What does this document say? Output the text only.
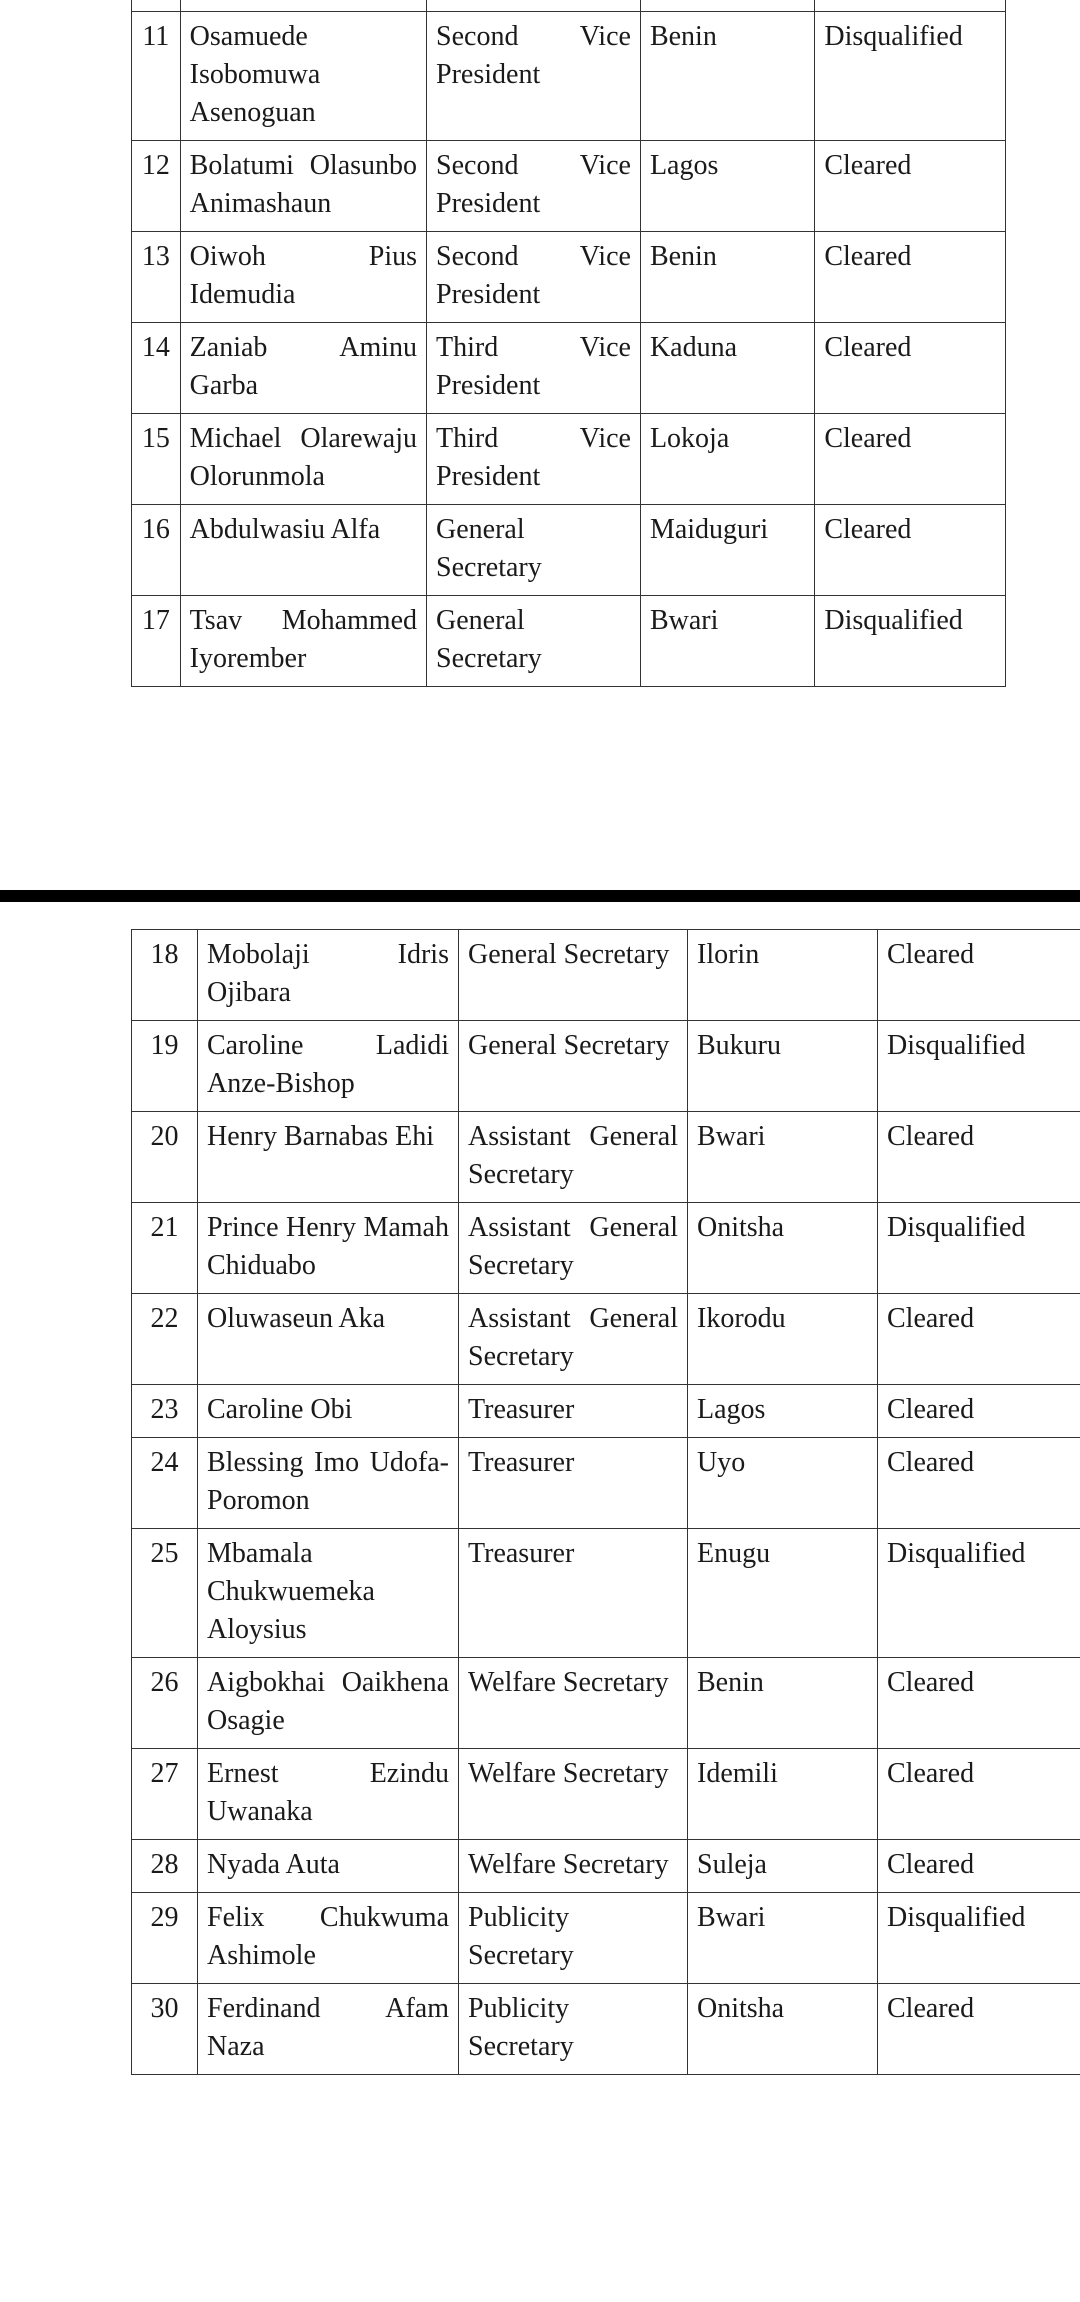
11	Osamuede Isobomuwa Asenoguan	Second Vice President	Benin	Disqualified
12	Bolatumi Olasunbo Animashaun	Second Vice President	Lagos	Cleared
13	Oiwoh Pius Idemudia	Second Vice President	Benin	Cleared
14	Zaniab Aminu Garba	Third Vice President	Kaduna	Cleared
15	Michael Olarewaju Olorunmola	Third Vice President	Lokoja	Cleared
16	Abdulwasiu Alfa	General Secretary	Maiduguri	Cleared
17	Tsav Mohammed Iyorember	General Secretary	Bwari	Disqualified
18	Mobolaji Idris Ojibara	General Secretary	Ilorin	Cleared
19	Caroline Ladidi Anze-Bishop	General Secretary	Bukuru	Disqualified
20	Henry Barnabas Ehi	Assistant General Secretary	Bwari	Cleared
21	Prince Henry Mamah Chiduabo	Assistant General Secretary	Onitsha	Disqualified
22	Oluwaseun Aka	Assistant General Secretary	Ikorodu	Cleared
23	Caroline Obi	Treasurer	Lagos	Cleared
24	Blessing Imo Udofa-Poromon	Treasurer	Uyo	Cleared
25	Mbamala Chukwuemeka Aloysius	Treasurer	Enugu	Disqualified
26	Aigbokhai Oaikhena Osagie	Welfare Secretary	Benin	Cleared
27	Ernest Ezindu Uwanaka	Welfare Secretary	Idemili	Cleared
28	Nyada Auta	Welfare Secretary	Suleja	Cleared
29	Felix Chukwuma Ashimole	Publicity Secretary	Bwari	Disqualified
30	Ferdinand Afam Naza	Publicity Secretary	Onitsha	Cleared
